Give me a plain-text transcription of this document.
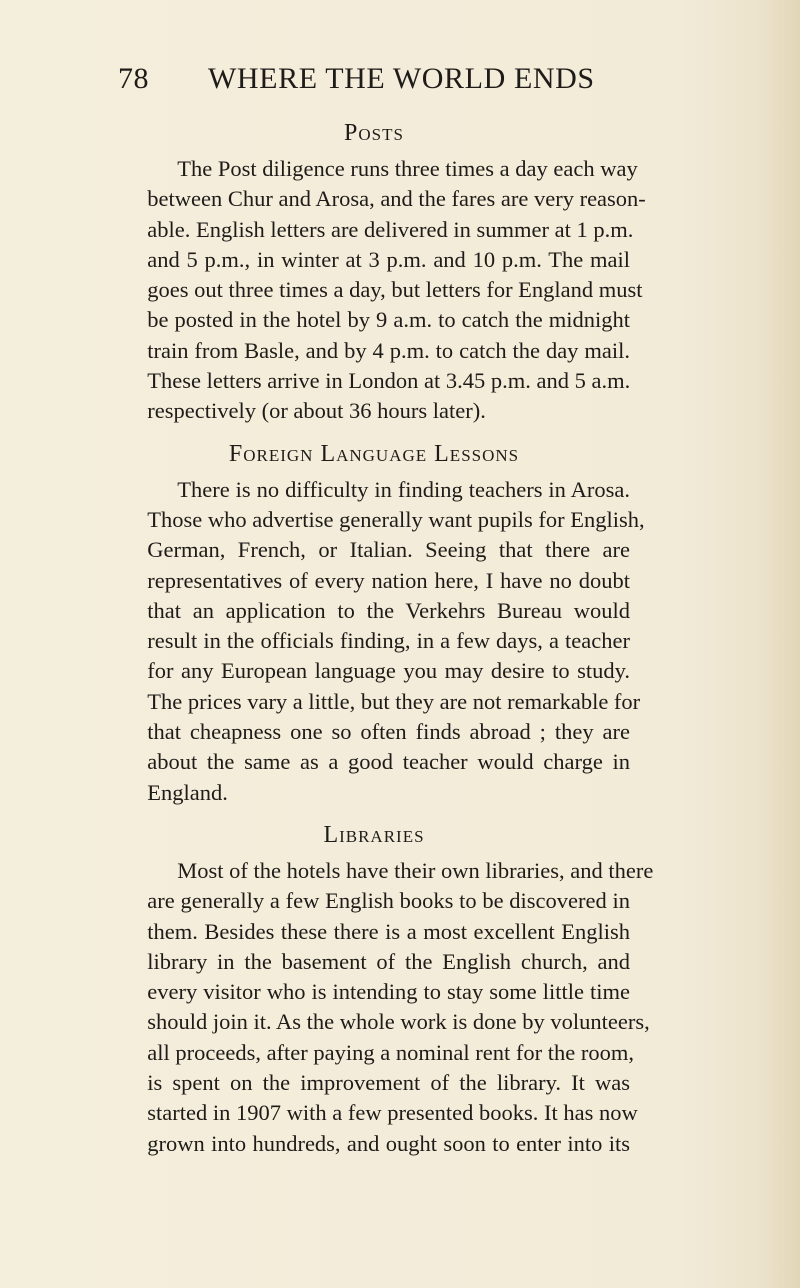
78 WHERE THE WORLD ENDS
Posts
The Post diligence runs three times a day each way
between Chur and Arosa, and the fares are very reason-
able. English letters are delivered in summer at 1 p.m.
and 5 p.m., in winter at 3 p.m. and 10 p.m. The mail
goes out three times a day, but letters for England must
be posted in the hotel by 9 a.m. to catch the midnight
train from Basle, and by 4 p.m. to catch the day mail.
These letters arrive in London at 3.45 p.m. and 5 a.m.
respectively (or about 36 hours later).
Foreign Language Lessons
There is no difficulty in finding teachers in Arosa.
Those who advertise generally want pupils for English,
German, French, or Italian. Seeing that there are
representatives of every nation here, I have no doubt
that an application to the Verkehrs Bureau would
result in the officials finding, in a few days, a teacher
for any European language you may desire to study.
The prices vary a little, but they are not remarkable for
that cheapness one so often finds abroad ; they are
about the same as a good teacher would charge in
England.
Libraries
Most of the hotels have their own libraries, and there
are generally a few English books to be discovered in
them. Besides these there is a most excellent English
library in the basement of the English church, and
every visitor who is intending to stay some little time
should join it. As the whole work is done by volunteers,
all proceeds, after paying a nominal rent for the room,
is spent on the improvement of the library. It was
started in 1907 with a few presented books. It has now
grown into hundreds, and ought soon to enter into its
